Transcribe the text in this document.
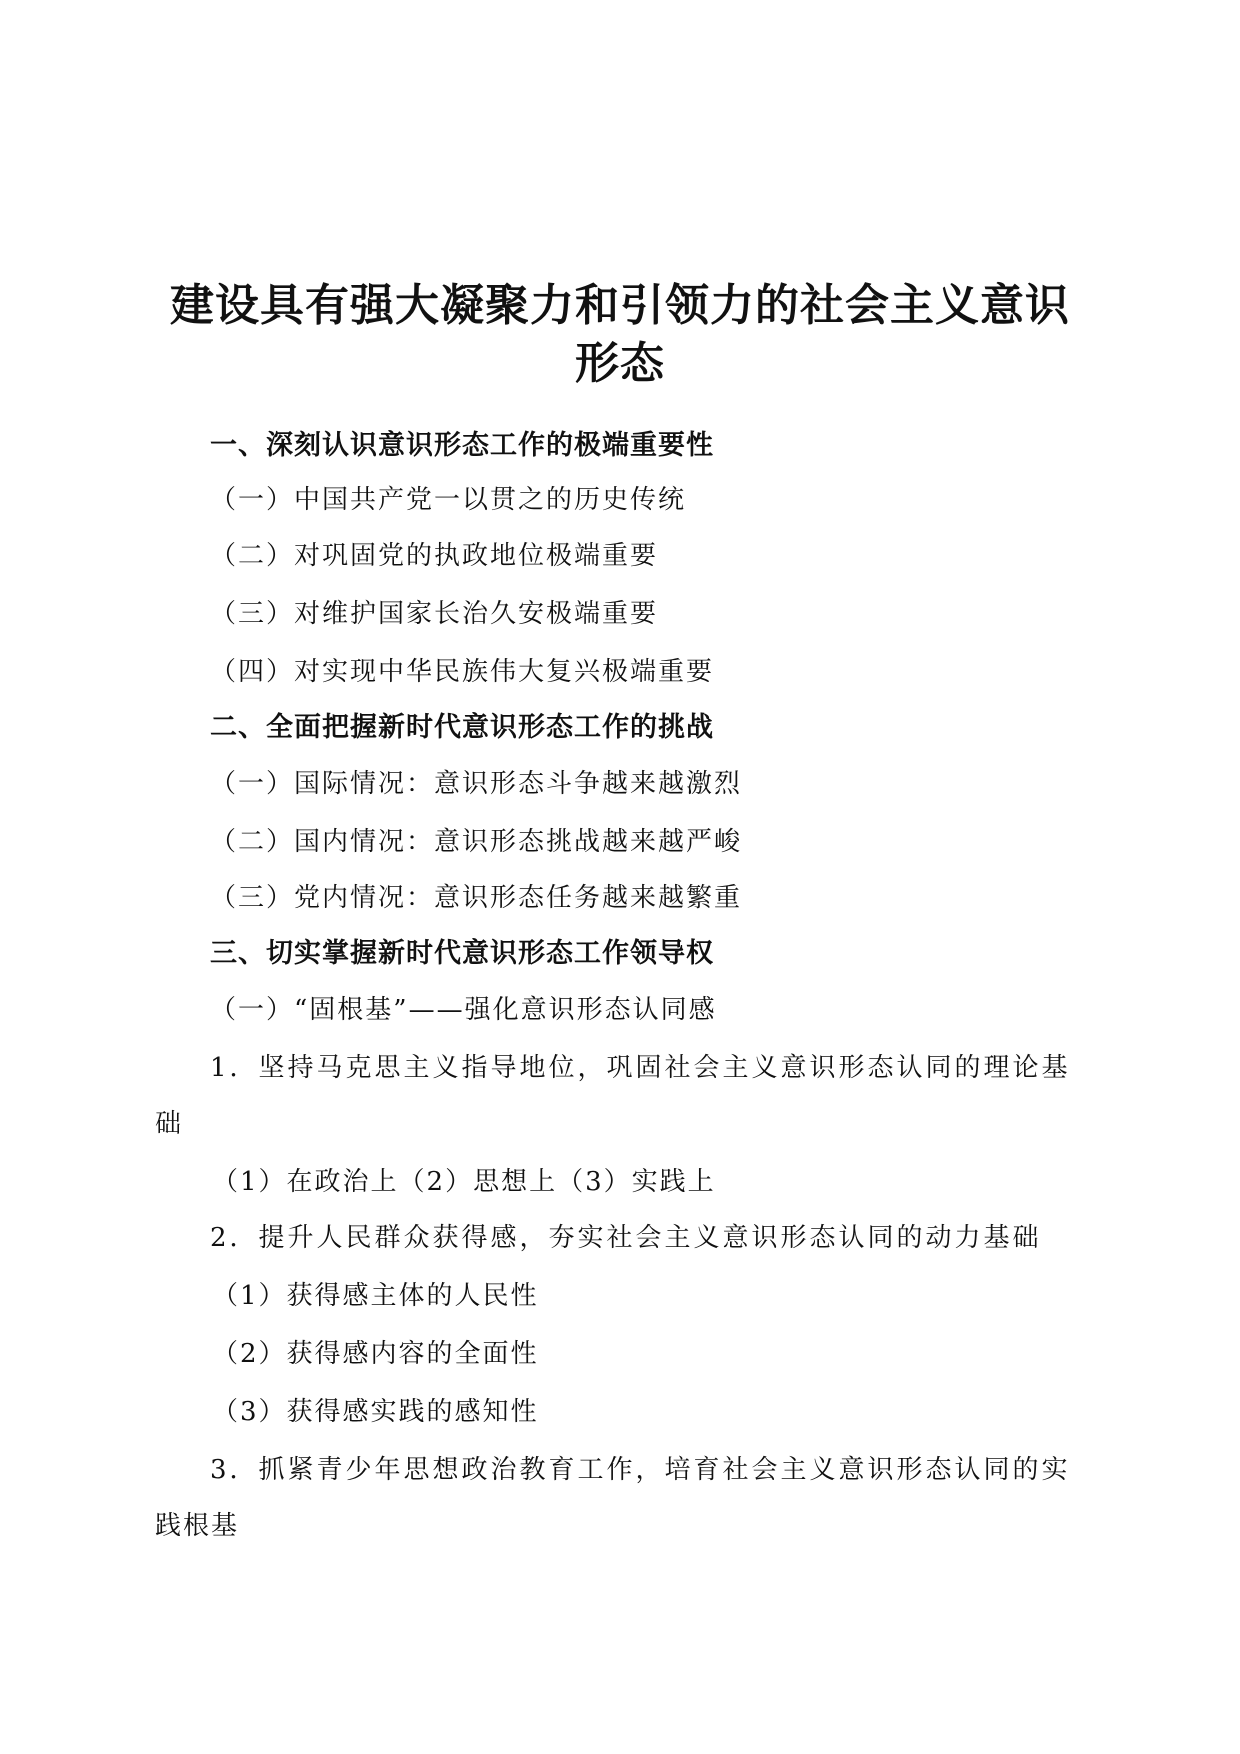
建设具有强大凝聚力和引领力的社会主义意识
形态

一、深刻认识意识形态工作的极端重要性

（一）中国共产党一以贯之的历史传统

（二）对巩固党的执政地位极端重要

（三）对维护国家长治久安极端重要

（四）对实现中华民族伟大复兴极端重要

二、全面把握新时代意识形态工作的挑战

（一）国际情况：意识形态斗争越来越激烈

（二）国内情况：意识形态挑战越来越严峻

（三）党内情况：意识形态任务越来越繁重

三、切实掌握新时代意识形态工作领导权

（一）“固根基”——强化意识形态认同感

1．坚持马克思主义指导地位，巩固社会主义意识形态认同的理论基

础

（1）在政治上（2）思想上（3）实践上

2．提升人民群众获得感，夯实社会主义意识形态认同的动力基础

（1）获得感主体的人民性

（2）获得感内容的全面性

（3）获得感实践的感知性

3．抓紧青少年思想政治教育工作，培育社会主义意识形态认同的实

践根基
